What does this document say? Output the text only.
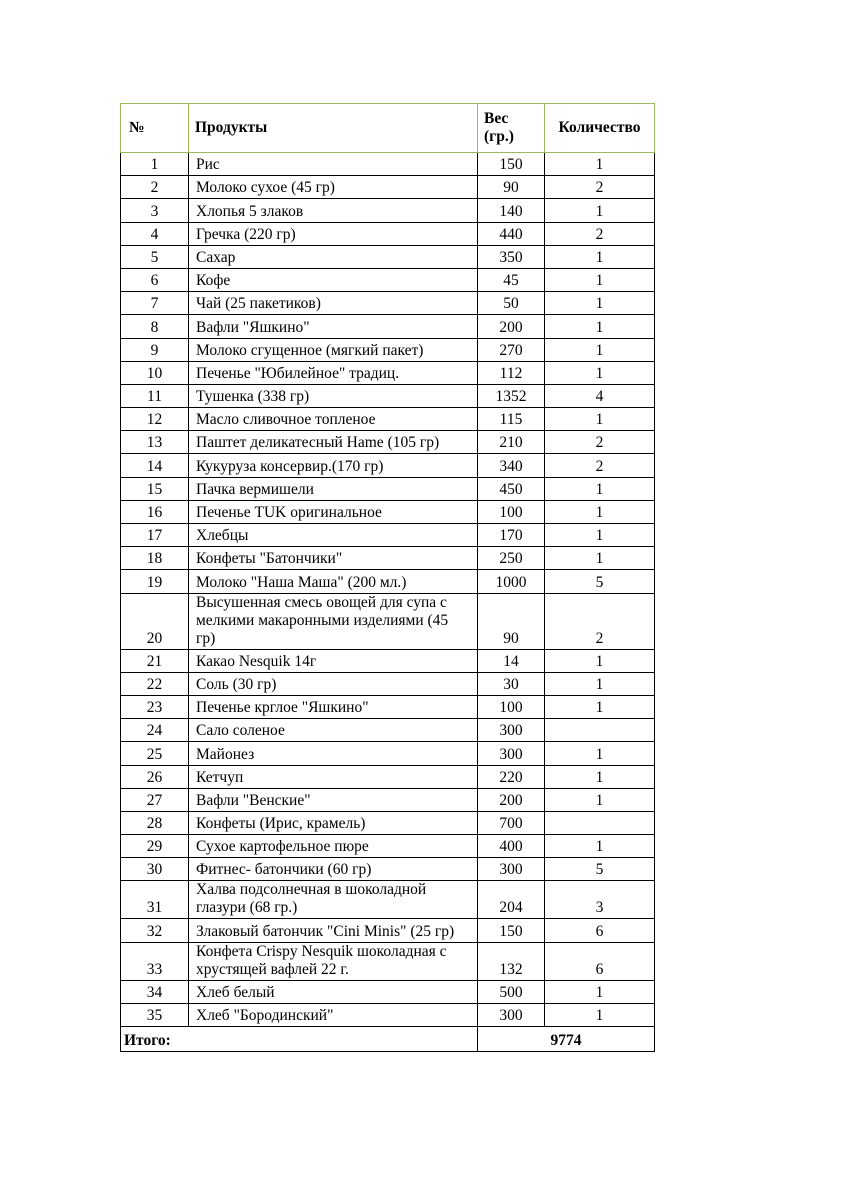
№	Продукты	Вес (гр.)	Количество
1	Рис	150	1
2	Молоко сухое (45 гр)	90	2
3	Хлопья 5 злаков	140	1
4	Гречка (220 гр)	440	2
5	Сахар	350	1
6	Кофе	45	1
7	Чай (25 пакетиков)	50	1
8	Вафли "Яшкино"	200	1
9	Молоко сгущенное (мягкий пакет)	270	1
10	Печенье "Юбилейное" традиц.	112	1
11	Тушенка (338 гр)	1352	4
12	Масло сливочное топленое	115	1
13	Паштет деликатесный Hame (105 гр)	210	2
14	Кукуруза консервир.(170 гр)	340	2
15	Пачка вермишели	450	1
16	Печенье TUK оригинальное	100	1
17	Хлебцы	170	1
18	Конфеты "Батончики"	250	1
19	Молоко "Наша Маша" (200 мл.)	1000	5
20	Высушенная смесь овощей для супа с мелкими макаронными изделиями (45 гр)	90	2
21	Какао Nesquik 14г	14	1
22	Соль (30 гр)	30	1
23	Печенье крглое "Яшкино"	100	1
24	Сало соленое	300	
25	Майонез	300	1
26	Кетчуп	220	1
27	Вафли "Венские"	200	1
28	Конфеты (Ирис, крамель)	700	
29	Сухое картофельное пюре	400	1
30	Фитнес- батончики (60 гр)	300	5
31	Халва подсолнечная в шоколадной глазури (68 гр.)	204	3
32	Злаковый батончик "Cini Minis" (25 гр)	150	6
33	Конфета Crispy Nesquik шоколадная с хрустящей вафлей 22 г.	132	6
34	Хлеб белый	500	1
35	Хлеб "Бородинский"	300	1
Итого:		9774	
